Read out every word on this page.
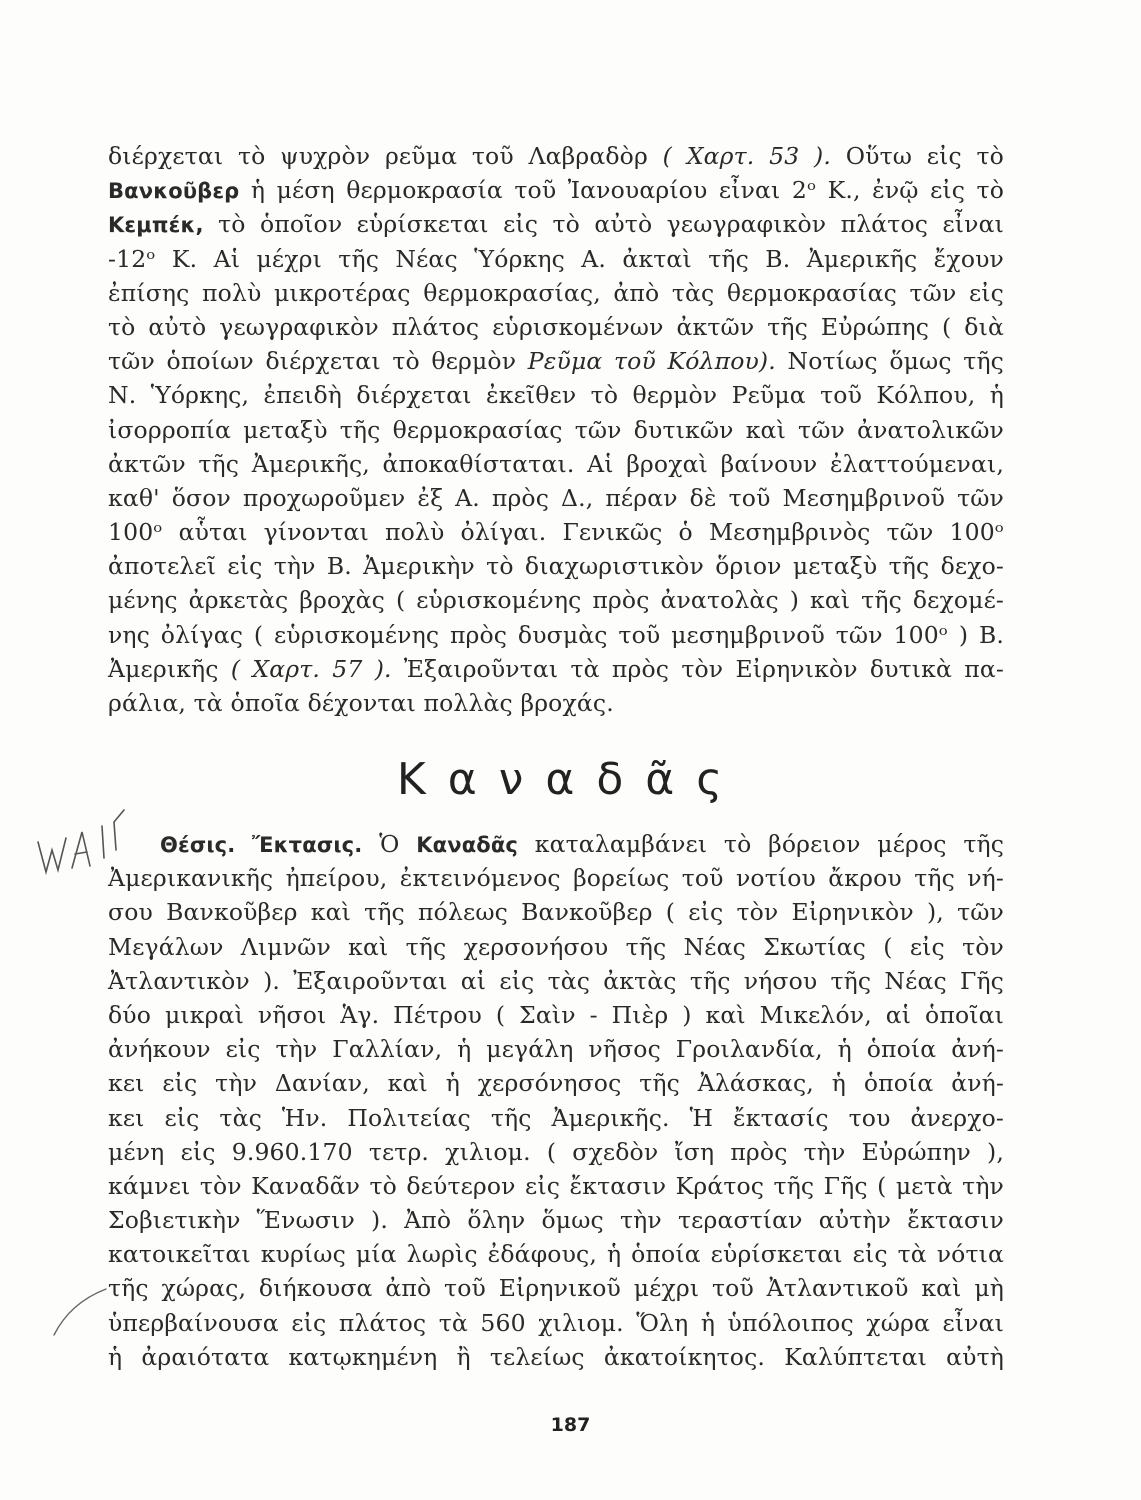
διέρχεται τὸ ψυχρὸν ρεῦμα τοῦ Λαβραδὸρ ( Χαρτ. 53 ). Οὕτω εἰς τὸ
Βανκοῦβερ ἡ μέση θερμοκρασία τοῦ Ἰανουαρίου εἶναι 2ᵒ Κ., ἐνῷ εἰς τὸ
Κεμπέκ, τὸ ὁποῖον εὑρίσκεται εἰς τὸ αὐτὸ γεωγραφικὸν πλάτος εἶναι
-12ᵒ Κ. Αἱ μέχρι τῆς Νέας Ὑόρκης Α. ἀκταὶ τῆς Β. Ἀμερικῆς ἔχουν
ἐπίσης πολὺ μικροτέρας θερμοκρασίας, ἀπὸ τὰς θερμοκρασίας τῶν εἰς
τὸ αὐτὸ γεωγραφικὸν πλάτος εὑρισκομένων ἀκτῶν τῆς Εὐρώπης ( διὰ
τῶν ὁποίων διέρχεται τὸ θερμὸν Ρεῦμα τοῦ Κόλπου). Νοτίως ὅμως τῆς
Ν. Ὑόρκης, ἐπειδὴ διέρχεται ἐκεῖθεν τὸ θερμὸν Ρεῦμα τοῦ Κόλπου, ἡ
ἰσορροπία μεταξὺ τῆς θερμοκρασίας τῶν δυτικῶν καὶ τῶν ἀνατολικῶν
ἀκτῶν τῆς Ἀμερικῆς, ἀποκαθίσταται. Αἱ βροχαὶ βαίνουν ἐλαττούμεναι,
καθ' ὅσον προχωροῦμεν ἐξ Α. πρὸς Δ., πέραν δὲ τοῦ Μεσημβρινοῦ τῶν
100ᵒ αὗται γίνονται πολὺ ὀλίγαι. Γενικῶς ὁ Μεσημβρινὸς τῶν 100ᵒ
ἀποτελεῖ εἰς τὴν Β. Ἀμερικὴν τὸ διαχωριστικὸν ὅριον μεταξὺ τῆς δεχο-
μένης ἀρκετὰς βροχὰς ( εὑρισκομένης πρὸς ἀνατολὰς ) καὶ τῆς δεχομέ-
νης ὀλίγας ( εὑρισκομένης πρὸς δυσμὰς τοῦ μεσημβρινοῦ τῶν 100ᵒ ) Β.
Ἀμερικῆς ( Χαρτ. 57 ). Ἐξαιροῦνται τὰ πρὸς τὸν Εἰρηνικὸν δυτικὰ πα-
ράλια, τὰ ὁποῖα δέχονται πολλὰς βροχάς.
Καναδᾶς
Θέσις. Ἔκτασις. Ὁ Καναδᾶς καταλαμβάνει τὸ βόρειον μέρος τῆς
Ἀμερικανικῆς ἠπείρου, ἐκτεινόμενος βορείως τοῦ νοτίου ἄκρου τῆς νή-
σου Βανκοῦβερ καὶ τῆς πόλεως Βανκοῦβερ ( εἰς τὸν Εἰρηνικὸν ), τῶν
Μεγάλων Λιμνῶν καὶ τῆς χερσονήσου τῆς Νέας Σκωτίας ( εἰς τὸν
Ἀτλαντικὸν ). Ἐξαιροῦνται αἱ εἰς τὰς ἀκτὰς τῆς νήσου τῆς Νέας Γῆς
δύο μικραὶ νῆσοι Ἁγ. Πέτρου ( Σαὶν - Πιὲρ ) καὶ Μικελόν, αἱ ὁποῖαι
ἀνήκουν εἰς τὴν Γαλλίαν, ἡ μεγάλη νῆσος Γροιλανδία, ἡ ὁποία ἀνή-
κει εἰς τὴν Δανίαν, καὶ ἡ χερσόνησος τῆς Ἀλάσκας, ἡ ὁποία ἀνή-
κει εἰς τὰς Ἡν. Πολιτείας τῆς Ἀμερικῆς. Ἡ ἔκτασίς του ἀνερχο-
μένη εἰς 9.960.170 τετρ. χιλιομ. ( σχεδὸν ἴση πρὸς τὴν Εὐρώπην ),
κάμνει τὸν Καναδᾶν τὸ δεύτερον εἰς ἔκτασιν Κράτος τῆς Γῆς ( μετὰ τὴν
Σοβιετικὴν Ἕνωσιν ). Ἀπὸ ὅλην ὅμως τὴν τεραστίαν αὐτὴν ἔκτασιν
κατοικεῖται κυρίως μία λωρὶς ἐδάφους, ἡ ὁποία εὑρίσκεται εἰς τὰ νότια
τῆς χώρας, διήκουσα ἀπὸ τοῦ Εἰρηνικοῦ μέχρι τοῦ Ἀτλαντικοῦ καὶ μὴ
ὑπερβαίνουσα εἰς πλάτος τὰ 560 χιλιομ. Ὅλη ἡ ὑπόλοιπος χώρα εἶναι
ἡ ἀραιότατα κατῳκημένη ἢ τελείως ἀκατοίκητος. Καλύπτεται αὐτὴ
187
